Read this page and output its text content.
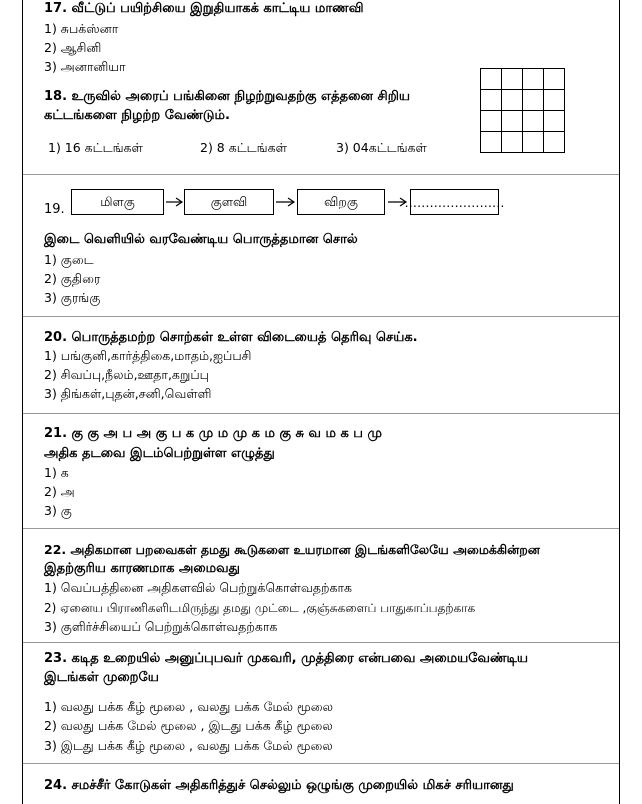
17. வீட்டுப் பயிற்சியை இறுதியாகக் காட்டிய மாணவி
1) சுபக்ஸ்னா
2) ஆசினி
3) அனானியா
18. உருவில் அரைப் பங்கினை நிழற்றுவதற்கு எத்தனை சிறிய
கட்டங்களை நிழற்ற வேண்டும்.

1) 16 கட்டங்கள்	2) 8 கட்டங்கள்	3) 04கட்டங்கள்
19.
மிளகு	குளவி	விறகு	……………………
இடை வெளியில் வரவேண்டிய பொருத்தமான சொல்
1) குடை
2) குதிரை
3) குரங்கு
20. பொருத்தமற்ற சொற்கள் உள்ள விடையைத் தெரிவு செய்க.
1) பங்குனி,கார்த்திகை,மாதம்,ஐப்பசி
2) சிவப்பு,நீலம்,ஊதா,கறுப்பு
3) திங்கள்,புதன்,சனி,வெள்ளி
21. கு கு அ ப அ கு ப க மு ம மு க ம கு சு வ ம க ப மு
அதிக தடவை இடம்பெற்றுள்ள எழுத்து
1) க
2) அ
3) கு
22. அதிகமான பறவைகள் தமது கூடுகளை உயரமான இடங்களிலேயே அமைக்கின்றன
இதற்குரிய காரணமாக அமைவது
1) வெப்பத்தினை அதிகளவில் பெற்றுக்கொள்வதற்காக
2) ஏனைய பிராணிகளிடமிருந்து தமது முட்டை ,குஞ்சுகளைப் பாதுகாப்பதற்காக
3) குளிர்ச்சியைப் பெற்றுக்கொள்வதற்காக
23. கடித உறையில் அனுப்புபவர் முகவரி, முத்திரை என்பவை அமையவேண்டிய
இடங்கள் முறையே
1) வலது பக்க கீழ் மூலை , வலது பக்க மேல் மூலை
2) வலது பக்க மேல் மூலை , இடது பக்க கீழ் மூலை
3) இடது பக்க கீழ் மூலை , வலது பக்க மேல் மூலை
24. சமச்சீர் கோடுகள் அதிகரித்துச் செல்லும் ஒழுங்கு முறையில் மிகச் சரியானது
